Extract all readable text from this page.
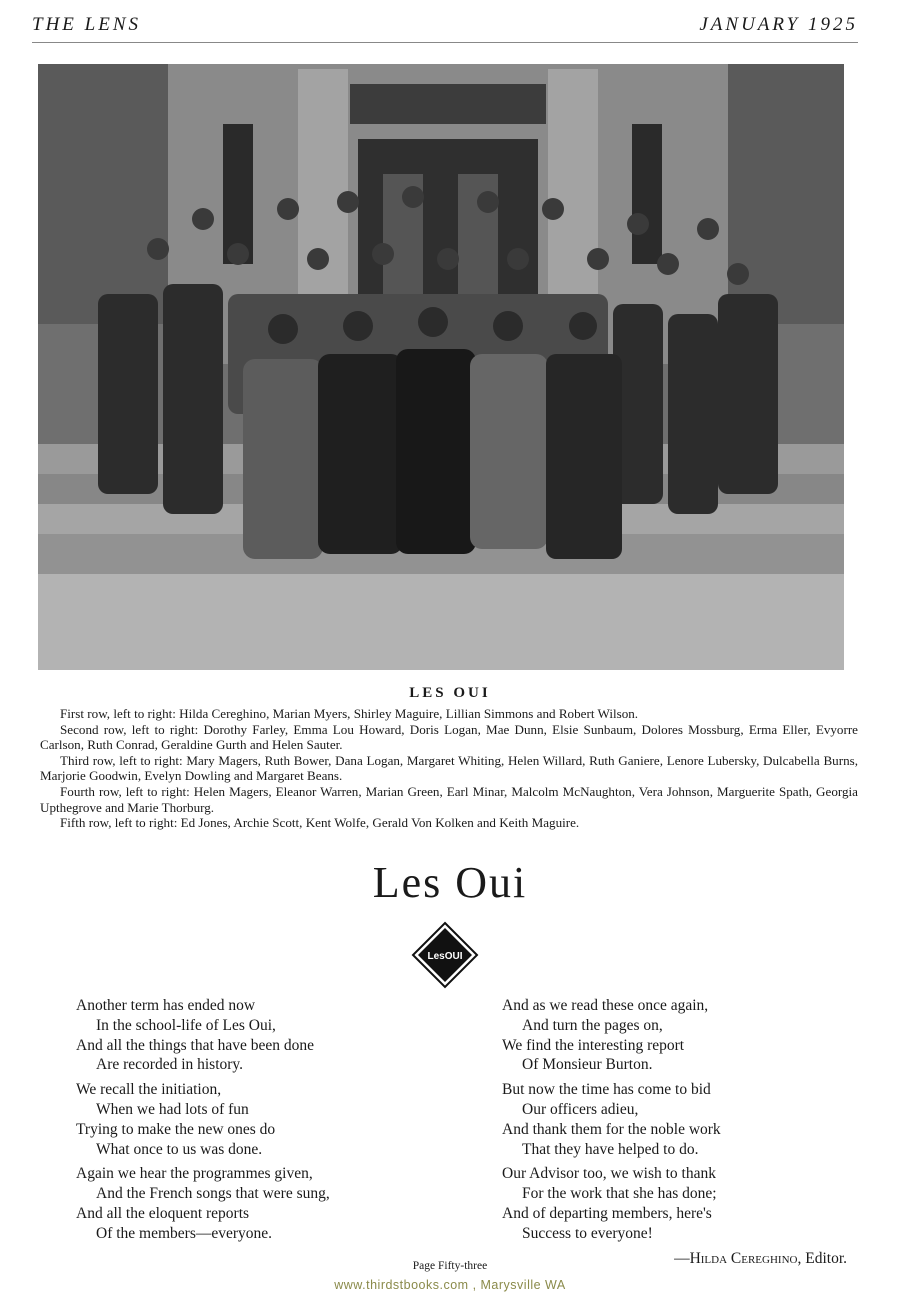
THE LENS	JANUARY 1925
LES OUI

First row, left to right: Hilda Cereghino, Marian Myers, Shirley Maguire, Lillian Simmons and Robert Wilson.

Second row, left to right: Dorothy Farley, Emma Lou Howard, Doris Logan, Mae Dunn, Elsie Sunbaum, Dolores Mossburg, Erma Eller, Evyorre Carlson, Ruth Conrad, Geraldine Gurth and Helen Sauter.

Third row, left to right: Mary Magers, Ruth Bower, Dana Logan, Margaret Whiting, Helen Willard, Ruth Ganiere, Lenore Lubersky, Dulcabella Burns, Marjorie Goodwin, Evelyn Dowling and Margaret Beans.

Fourth row, left to right: Helen Magers, Eleanor Warren, Marian Green, Earl Minar, Malcolm McNaughton, Vera Johnson, Marguerite Spath, Georgia Upthegrove and Marie Thorburg.

Fifth row, left to right: Ed Jones, Archie Scott, Kent Wolfe, Gerald Von Kolken and Keith Maguire.

Les Oui
LesOUI
Another term has ended now
In the school-life of Les Oui,
And all the things that have been done
Are recorded in history.
We recall the initiation,
When we had lots of fun
Trying to make the new ones do
What once to us was done.
Again we hear the programmes given,
And the French songs that were sung,
And all the eloquent reports
Of the members—everyone.
And as we read these once again,
And turn the pages on,
We find the interesting report
Of Monsieur Burton.
But now the time has come to bid
Our officers adieu,
And thank them for the noble work
That they have helped to do.
Our Advisor too, we wish to thank
For the work that she has done;
And of departing members, here's
Success to everyone!
—Hilda Cereghino, Editor.
Page Fifty-three
www.thirdstbooks.com , Marysville WA
